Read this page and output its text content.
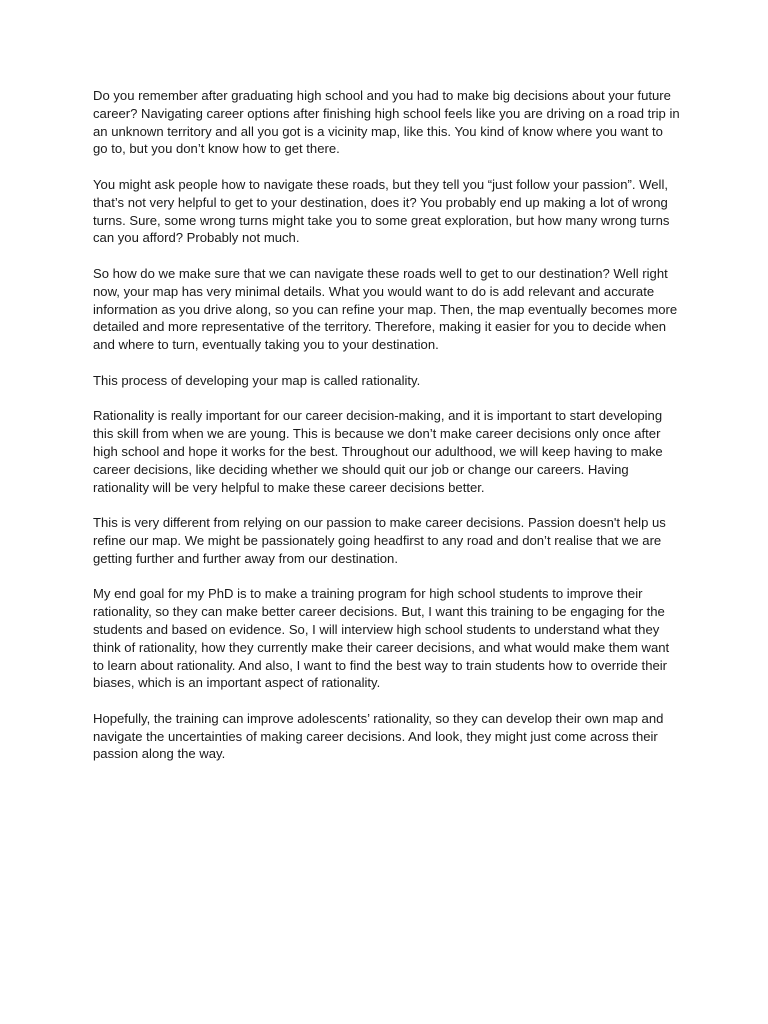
Do you remember after graduating high school and you had to make big decisions about your future career? Navigating career options after finishing high school feels like you are driving on a road trip in an unknown territory and all you got is a vicinity map, like this. You kind of know where you want to go to, but you don’t know how to get there.

You might ask people how to navigate these roads, but they tell you “just follow your passion”. Well, that’s not very helpful to get to your destination, does it? You probably end up making a lot of wrong turns. Sure, some wrong turns might take you to some great exploration, but how many wrong turns can you afford? Probably not much.

So how do we make sure that we can navigate these roads well to get to our destination? Well right now, your map has very minimal details. What you would want to do is add relevant and accurate information as you drive along, so you can refine your map. Then, the map eventually becomes more detailed and more representative of the territory. Therefore, making it easier for you to decide when and where to turn, eventually taking you to your destination.

This process of developing your map is called rationality.

Rationality is really important for our career decision-making, and it is important to start developing this skill from when we are young. This is because we don’t make career decisions only once after high school and hope it works for the best. Throughout our adulthood, we will keep having to make career decisions, like deciding whether we should quit our job or change our careers. Having rationality will be very helpful to make these career decisions better.

This is very different from relying on our passion to make career decisions. Passion doesn't help us refine our map. We might be passionately going headfirst to any road and don’t realise that we are getting further and further away from our destination.

My end goal for my PhD is to make a training program for high school students to improve their rationality, so they can make better career decisions. But, I want this training to be engaging for the students and based on evidence. So, I will interview high school students to understand what they think of rationality, how they currently make their career decisions, and what would make them want to learn about rationality. And also, I want to find the best way to train students how to override their biases, which is an important aspect of rationality.

Hopefully, the training can improve adolescents’ rationality, so they can develop their own map and navigate the uncertainties of making career decisions. And look, they might just come across their passion along the way.
